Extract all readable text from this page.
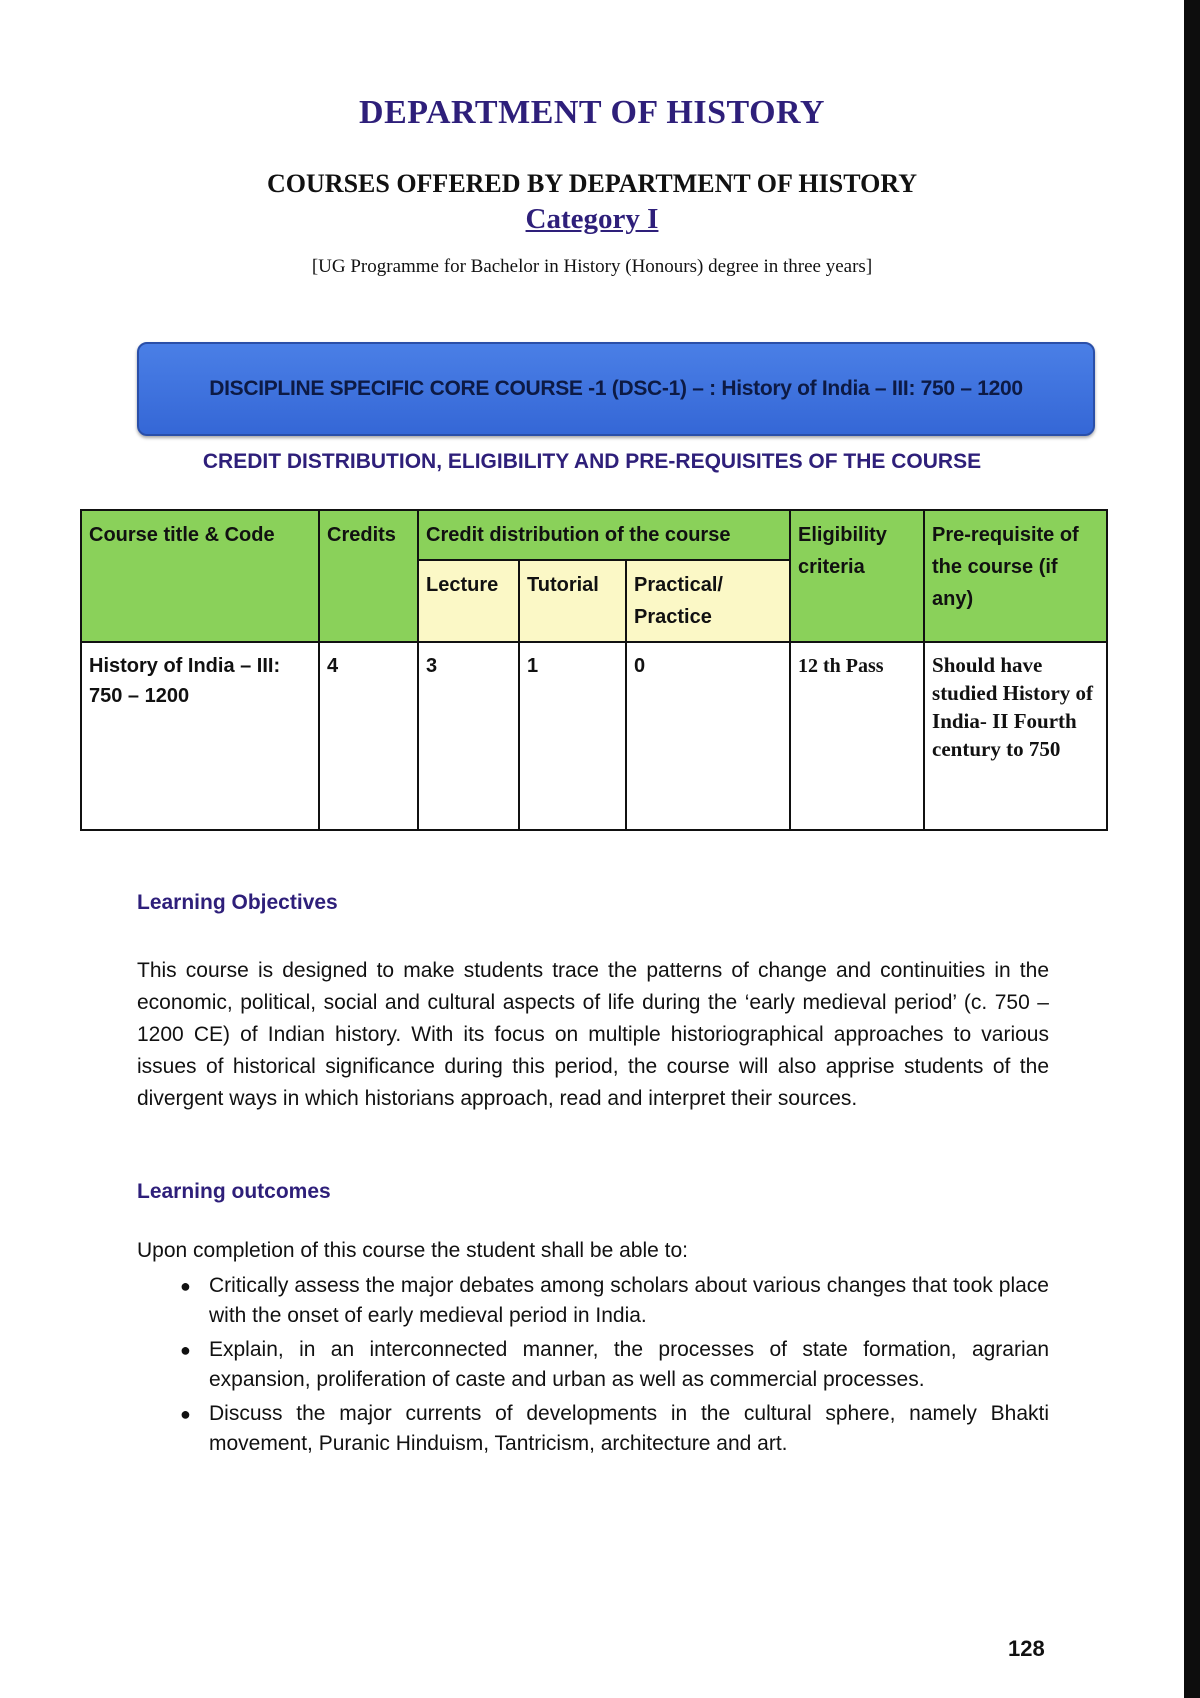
DEPARTMENT OF HISTORY
COURSES OFFERED BY DEPARTMENT OF HISTORY
Category I
[UG Programme for Bachelor in History (Honours) degree in three years]
DISCIPLINE SPECIFIC CORE COURSE -1 (DSC-1) – : History of India – III: 750 – 1200
CREDIT DISTRIBUTION, ELIGIBILITY AND PRE-REQUISITES OF THE COURSE
Course title & Code	Credits	Credit distribution of the course			Eligibility criteria	Pre-requisite of the course (if any)
		Lecture	Tutorial	Practical/ Practice		
History of India – III: 750 – 1200	4	3	1	0	12 th Pass	Should have studied History of India- II Fourth century to 750
Learning Objectives
This course is designed to make students trace the patterns of change and continuities in the economic, political, social and cultural aspects of life during the ‘early medieval period’ (c. 750 – 1200 CE) of Indian history. With its focus on multiple historiographical approaches to various issues of historical significance during this period, the course will also apprise students of the divergent ways in which historians approach, read and interpret their sources.
Learning outcomes
Upon completion of this course the student shall be able to:
● Critically assess the major debates among scholars about various changes that took place with the onset of early medieval period in India.
● Explain, in an interconnected manner, the processes of state formation, agrarian expansion, proliferation of caste and urban as well as commercial processes.
● Discuss the major currents of developments in the cultural sphere, namely Bhakti movement, Puranic Hinduism, Tantricism, architecture and art.
128
